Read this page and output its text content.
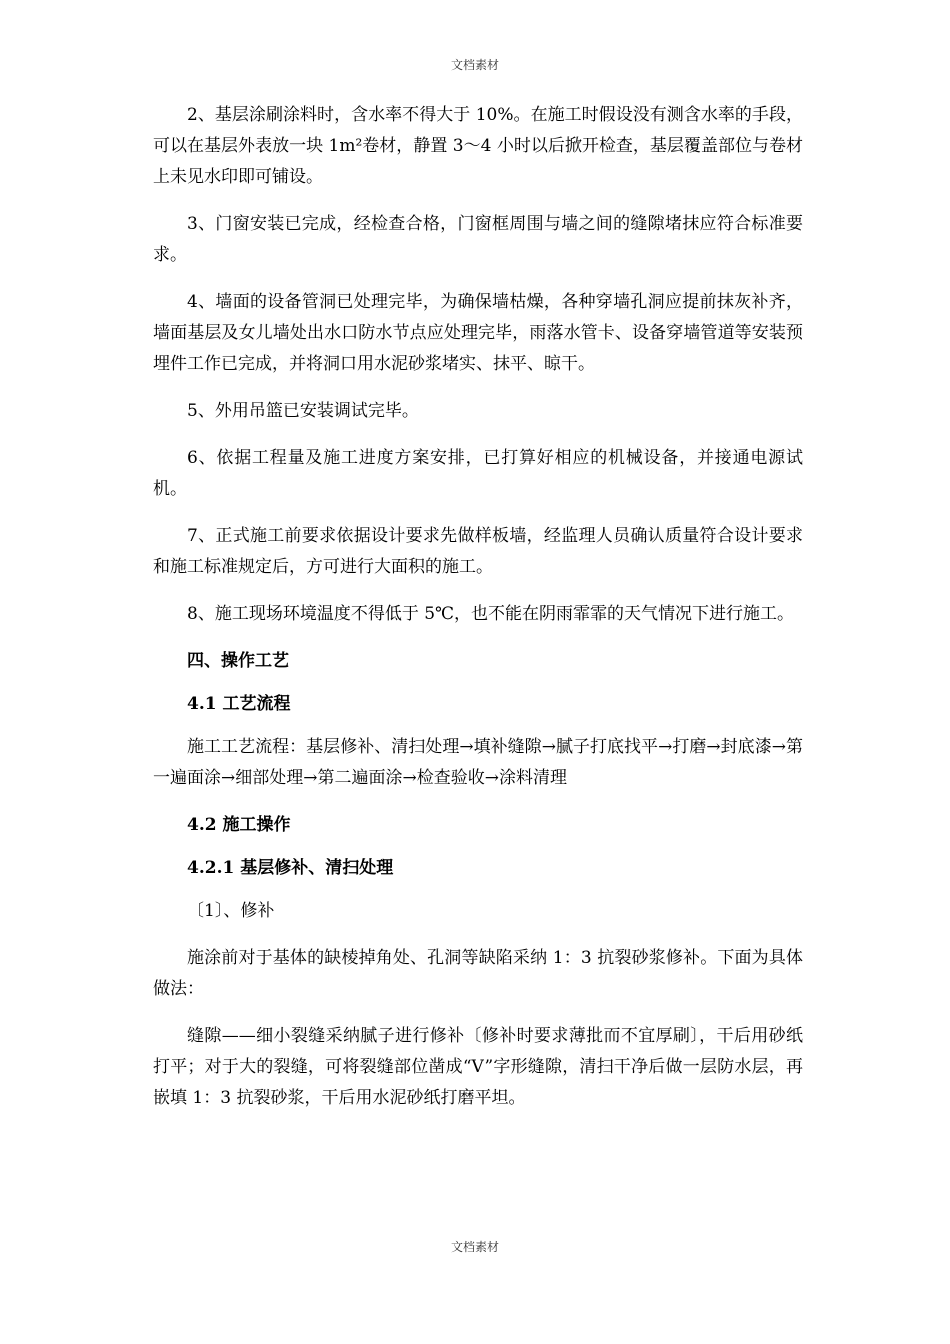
文档素材

2、基层涂刷涂料时，含水率不得大于 10%。在施工时假设没有测含水率的手段，可以在基层外表放一块 1m²卷材，静置 3～4 小时以后掀开检查，基层覆盖部位与卷材上未见水印即可铺设。

3、门窗安装已完成，经检查合格，门窗框周围与墙之间的缝隙堵抹应符合标准要求。

4、墙面的设备管洞已处理完毕，为确保墙枯燥，各种穿墙孔洞应提前抹灰补齐，墙面基层及女儿墙处出水口防水节点应处理完毕，雨落水管卡、设备穿墙管道等安装预埋件工作已完成，并将洞口用水泥砂浆堵实、抹平、晾干。

5、外用吊篮已安装调试完毕。

6、依据工程量及施工进度方案安排，已打算好相应的机械设备，并接通电源试机。

7、正式施工前要求依据设计要求先做样板墙，经监理人员确认质量符合设计要求和施工标准规定后，方可进行大面积的施工。

8、施工现场环境温度不得低于 5℃，也不能在阴雨霏霏的天气情况下进行施工。

四、操作工艺

4.1 工艺流程

施工工艺流程：基层修补、清扫处理→填补缝隙→腻子打底找平→打磨→封底漆→第一遍面涂→细部处理→第二遍面涂→检查验收→涂料清理

4.2 施工操作

4.2.1 基层修补、清扫处理

〔1〕、修补

施涂前对于基体的缺棱掉角处、孔洞等缺陷采纳 1：3 抗裂砂浆修补。下面为具体做法：

缝隙——细小裂缝采纳腻子进行修补〔修补时要求薄批而不宜厚刷〕，干后用砂纸打平；对于大的裂缝，可将裂缝部位凿成“V”字形缝隙，清扫干净后做一层防水层，再嵌填 1：3 抗裂砂浆，干后用水泥砂纸打磨平坦。

文档素材
